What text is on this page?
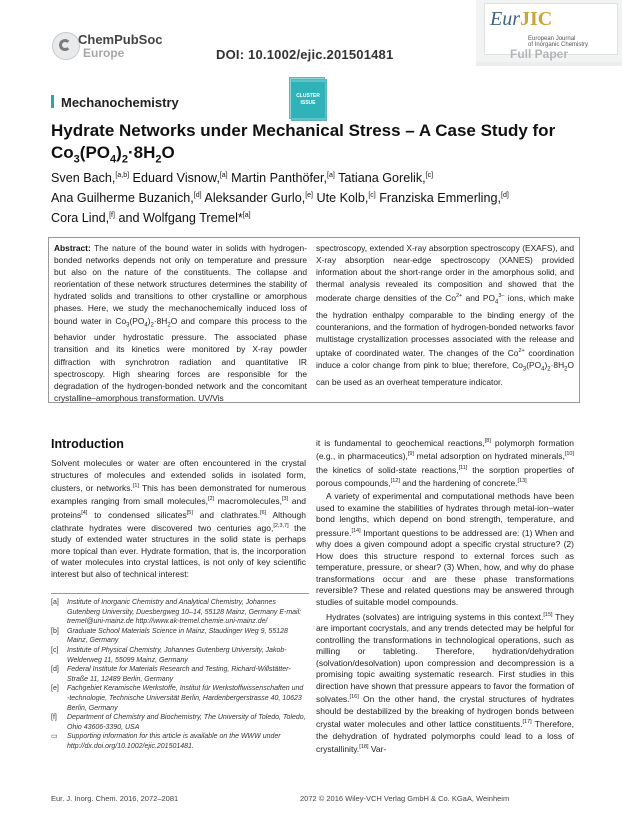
ChemPubSoc
Europe	DOI: 10.1002/ejic.201501481
EurJIC
European Journal
of Inorganic Chemistry
Full Paper
CLUSTER ISSUE
Mechanochemistry
Hydrate Networks under Mechanical Stress – A Case Study for
$Co_3(PO_4)_2\cdot 8H_2O$
Sven Bach,[a,b] Eduard Visnow,[a] Martin Panthöfer,[a] Tatiana Gorelik,[c]
Ana Guilherme Buzanich,[d] Aleksander Gurlo,[e] Ute Kolb,[c] Franziska Emmerling,[d]
Cora Lind,[f] and Wolfgang Tremel*[a]
Abstract: The nature of the bound water in solids with hydrogen-bonded networks depends not only on temperature and pressure but also on the nature of the constituents. The collapse and reorientation of these network structures determines the stability of hydrated solids and transitions to other crystalline or amorphous phases. Here, we study the mechanochemically induced loss of bound water in $Co_3(PO_4)_2\cdot 8H_2O$ and compare this process to the behavior under hydrostatic pressure. The associated phase transition and its kinetics were monitored by X-ray powder diffraction with synchrotron radiation and quantitative IR spectroscopy. High shearing forces are responsible for the degradation of the hydrogen-bonded network and the concomitant crystalline–amorphous transformation. UV/Vis
spectroscopy, extended X-ray absorption spectroscopy (EXAFS), and X-ray absorption near-edge spectroscopy (XANES) provided information about the short-range order in the amorphous solid, and thermal analysis revealed its composition and showed that the moderate charge densities of the $Co^{2+}$ and $PO_4^{3-}$ ions, which make the hydration enthalpy comparable to the binding energy of the counteranions, and the formation of hydrogen-bonded networks favor multistage crystallization processes associated with the release and uptake of coordinated water. The changes of the $Co^{2+}$ coordination induce a color change from pink to blue; therefore, $Co_3(PO_4)_2\cdot 8H_2O$ can be used as an overheat temperature indicator.
Introduction

Solvent molecules or water are often encountered in the crystal structures of molecules and extended solids in isolated form, clusters, or networks.[1] This has been demonstrated for numerous examples ranging from small molecules,[2] macromolecules,[3] and proteins[4] to condensed silicates[5] and clathrates.[6] Although clathrate hydrates were discovered two centuries ago,[2,3,7] the study of extended water structures in the solid state is perhaps more topical than ever. Hydrate formation, that is, the incorporation of water molecules into crystal lattices, is not only of key scientific interest but also of technical interest:

[a]	Institute of Inorganic Chemistry and Analytical Chemistry, Johannes Gutenberg University, Duesbergweg 10–14, 55128 Mainz, Germany E-mail: tremel@uni-mainz.de http://www.ak-tremel.chemie.uni-mainz.de/
[b]	Graduate School Materials Science in Mainz, Staudinger Weg 9, 55128 Mainz, Germany
[c]	Institute of Physical Chemistry, Johannes Gutenberg University, Jakob-Welderweg 11, 55099 Mainz, Germany
[d]	Federal Institute for Materials Research and Testing, Richard-Willstätter-Straße 11, 12489 Berlin, Germany
[e]	Fachgebiet Keramische Werkstoffe, Institut für Werkstoffwissenschaften und -technologie, Technische Universität Berlin, Hardenbergerstrasse 40, 10623 Berlin, Germany
[f]	Department of Chemistry and Biochemistry, The University of Toledo, Toledo, Ohio 43606-3390, USA
▭	Supporting information for this article is available on the WWW under http://dx.doi.org/10.1002/ejic.201501481.

it is fundamental to geochemical reactions,[8] polymorph formation (e.g., in pharmaceutics),[9] metal adsorption on hydrated minerals,[10] the kinetics of solid-state reactions,[11] the sorption properties of porous compounds,[12] and the hardening of concrete.[13]

A variety of experimental and computational methods have been used to examine the stabilities of hydrates through metal-ion–water bond lengths, which depend on bond strength, temperature, and pressure.[14] Important questions to be addressed are: (1) When and why does a given compound adopt a specific crystal structure? (2) How does this structure respond to external forces such as temperature, pressure, or shear? (3) When, how, and why do phase transformations occur and are these phase transformations reversible? These and related questions may be answered through studies of suitable model compounds.

Hydrates (solvates) are intriguing systems in this context.[15] They are important cocrystals, and any trends detected may be helpful for controlling the transformations in technological operations, such as milling or tableting. Therefore, hydration/dehydration (solvation/desolvation) upon compression and decompression is a promising topic awaiting systematic research. First studies in this direction have shown that pressure appears to favor the formation of solvates.[16] On the other hand, the crystal structures of hydrates should be destabilized by the breaking of hydrogen bonds between crystal water molecules and other lattice constituents.[17] Therefore, the dehydration of hydrated polymorphs could lead to a loss of crystallinity.[18] Var-

Eur. J. Inorg. Chem. 2016, 2072–2081	2072 © 2016 Wiley-VCH Verlag GmbH & Co. KGaA, Weinheim
